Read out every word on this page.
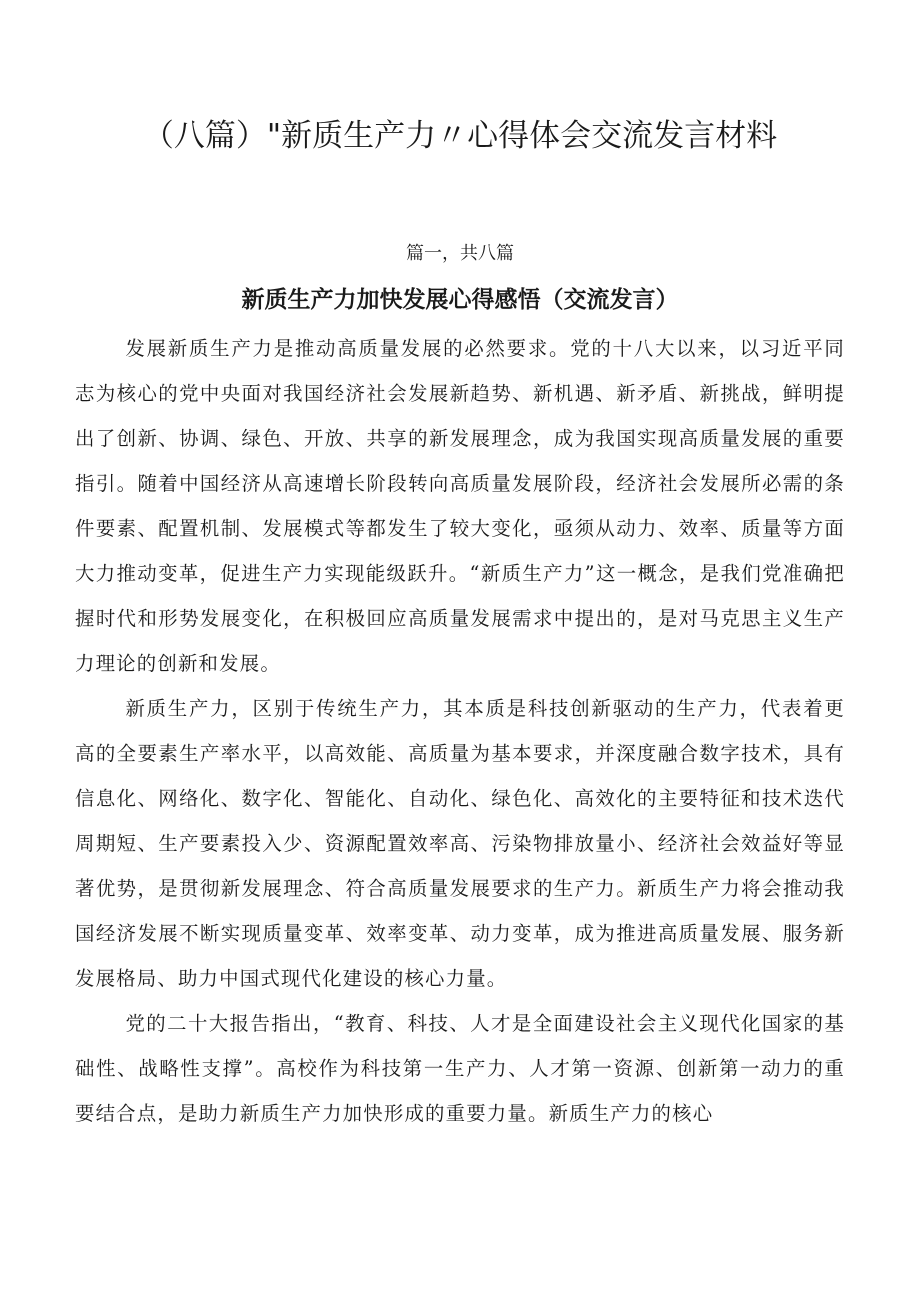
（八篇）"新质生产力〃心得体会交流发言材料
篇一，共八篇
新质生产力加快发展心得感悟（交流发言）

发展新质生产力是推动高质量发展的必然要求。党的十八大以来，以习近平同志为核心的党中央面对我国经济社会发展新趋势、新机遇、新矛盾、新挑战，鲜明提出了创新、协调、绿色、开放、共享的新发展理念，成为我国实现高质量发展的重要指引。随着中国经济从高速增长阶段转向高质量发展阶段，经济社会发展所必需的条件要素、配置机制、发展模式等都发生了较大变化，亟须从动力、效率、质量等方面大力推动变革，促进生产力实现能级跃升。“新质生产力”这一概念，是我们党准确把握时代和形势发展变化，在积极回应高质量发展需求中提出的，是对马克思主义生产力理论的创新和发展。

新质生产力，区别于传统生产力，其本质是科技创新驱动的生产力，代表着更高的全要素生产率水平，以高效能、高质量为基本要求，并深度融合数字技术，具有信息化、网络化、数字化、智能化、自动化、绿色化、高效化的主要特征和技术迭代周期短、生产要素投入少、资源配置效率高、污染物排放量小、经济社会效益好等显著优势，是贯彻新发展理念、符合高质量发展要求的生产力。新质生产力将会推动我国经济发展不断实现质量变革、效率变革、动力变革，成为推进高质量发展、服务新发展格局、助力中国式现代化建设的核心力量。

党的二十大报告指出，“教育、科技、人才是全面建设社会主义现代化国家的基础性、战略性支撑”。高校作为科技第一生产力、人才第一资源、创新第一动力的重要结合点，是助力新质生产力加快形成的重要力量。新质生产力的核心
